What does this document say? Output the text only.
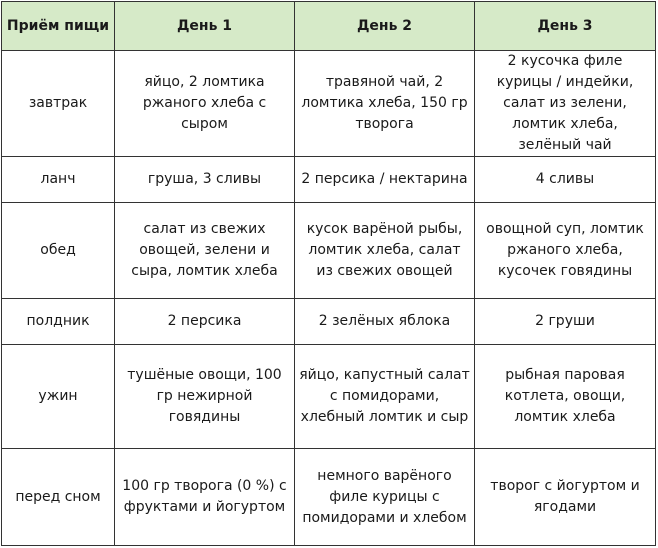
Приём пищи	День 1	День 2	День 3
завтрак	яйцо, 2 ломтика ржаного хлеба с сыром	травяной чай, 2 ломтика хлеба, 150 гр творога	2 кусочка филе курицы / индейки, салат из зелени, ломтик хлеба, зелёный чай
ланч	груша, 3 сливы	2 персика / нектарина	4 сливы
обед	салат из свежих овощей, зелени и сыра, ломтик хлеба	кусок варёной рыбы, ломтик хлеба, салат из свежих овощей	овощной суп, ломтик ржаного хлеба, кусочек говядины
полдник	2 персика	2 зелёных яблока	2 груши
ужин	тушёные овощи, 100 гр нежирной говядины	яйцо, капустный салат с помидорами, хлебный ломтик и сыр	рыбная паровая котлета, овощи, ломтик хлеба
перед сном	100 гр творога (0 %) с фруктами и йогуртом	немного варёного филе курицы с помидорами и хлебом	творог с йогуртом и ягодами
